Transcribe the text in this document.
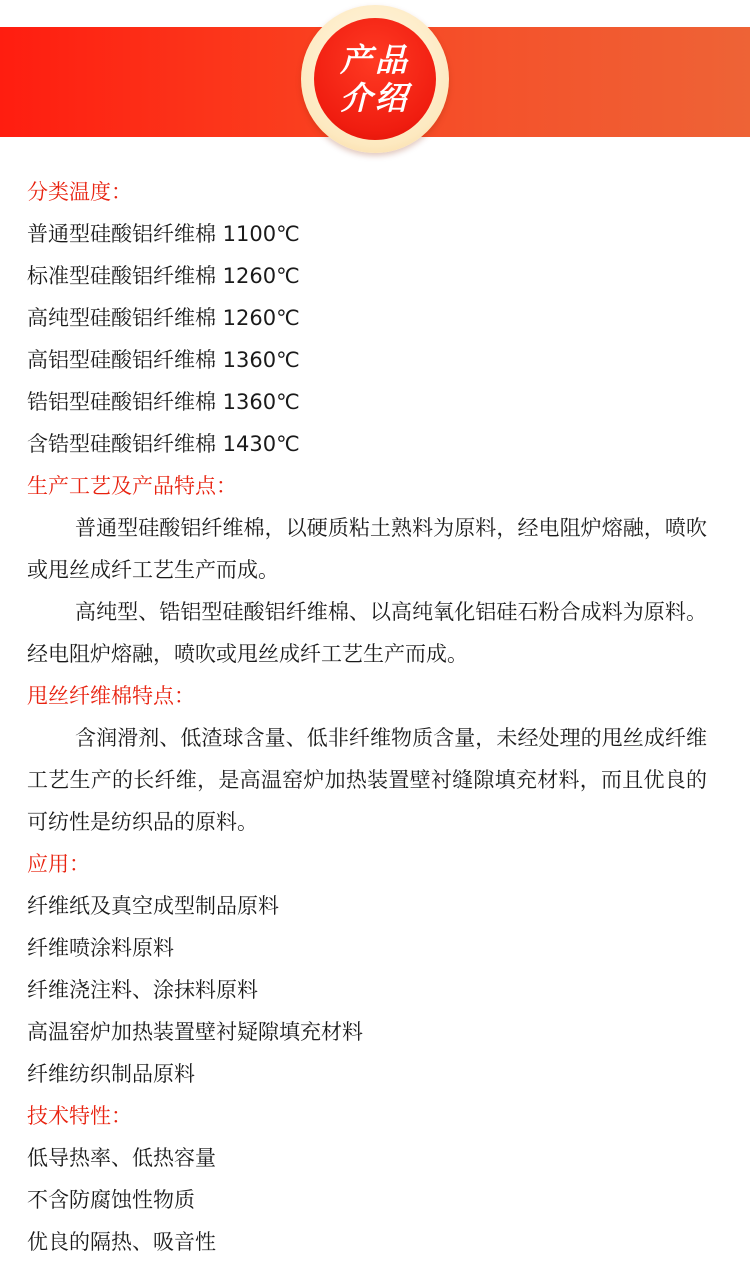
产品
介绍
分类温度：
普通型硅酸铝纤维棉 1100℃
标准型硅酸铝纤维棉 1260℃
高纯型硅酸铝纤维棉 1260℃
高铝型硅酸铝纤维棉 1360℃
锆铝型硅酸铝纤维棉 1360℃
含锆型硅酸铝纤维棉 1430℃
生产工艺及产品特点：

普通型硅酸铝纤维棉，以硬质粘土熟料为原料，经电阻炉熔融，喷吹或甩丝成纤工艺生产而成。

高纯型、锆铝型硅酸铝纤维棉、以高纯氧化铝硅石粉合成料为原料。经电阻炉熔融，喷吹或甩丝成纤工艺生产而成。

甩丝纤维棉特点：

含润滑剂、低渣球含量、低非纤维物质含量，未经处理的甩丝成纤维工艺生产的长纤维，是高温窑炉加热装置壁衬缝隙填充材料，而且优良的可纺性是纺织品的原料。

应用：
纤维纸及真空成型制品原料
纤维喷涂料原料
纤维浇注料、涂抹料原料
高温窑炉加热装置壁衬疑隙填充材料
纤维纺织制品原料
技术特性：
低导热率、低热容量
不含防腐蚀性物质
优良的隔热、吸音性
